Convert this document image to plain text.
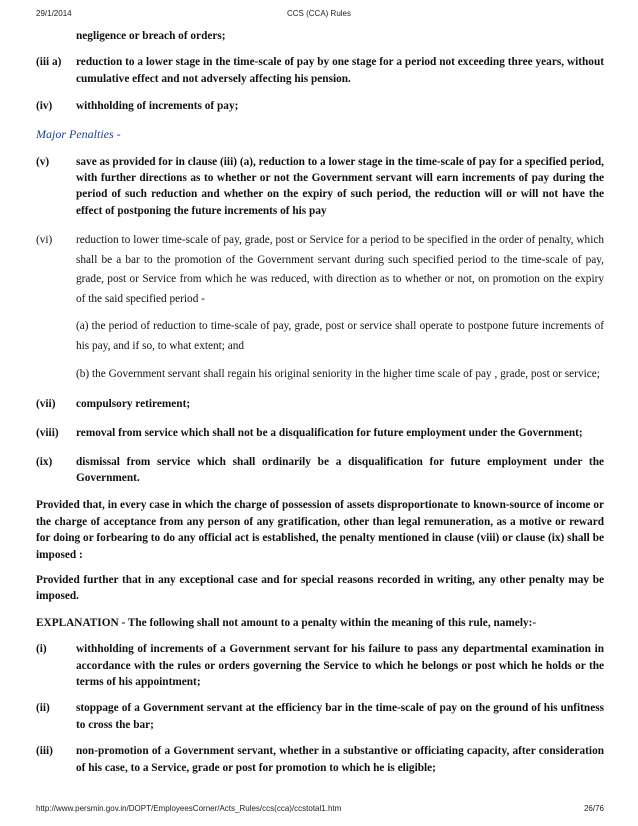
29/1/2014	CCS (CCA) Rules
negligence or breach of orders;
(iii a)	reduction to a lower stage in the time-scale of pay by one stage for a period not exceeding three years, without cumulative effect and not adversely affecting his pension.
(iv)	withholding of increments of pay;
Major Penalties -
(v)	save as provided for in clause (iii) (a), reduction to a lower stage in the time-scale of pay for a specified period, with further directions as to whether or not the Government servant will earn increments of pay during the period of such reduction and whether on the expiry of such period, the reduction will or will not have the effect of postponing the future increments of his pay
(vi)	reduction to lower time-scale of pay, grade, post or Service for a period to be specified in the order of penalty, which shall be a bar to the promotion of the Government servant during such specified period to the time-scale of pay, grade, post or Service from which he was reduced, with direction as to whether or not, on promotion on the expiry of the said specified period -
(a) the period of reduction to time-scale of pay, grade, post or service shall operate to postpone future increments of his pay, and if so, to what extent; and
(b) the Government servant shall regain his original seniority in the higher time scale of pay , grade, post or service;
(vii)	compulsory retirement;
(viii)	removal from service which shall not be a disqualification for future employment under the Government;
(ix)	dismissal from service which shall ordinarily be a disqualification for future employment under the Government.
Provided that, in every case in which the charge of possession of assets disproportionate to known-source of income or the charge of acceptance from any person of any gratification, other than legal remuneration, as a motive or reward for doing or forbearing to do any official act is established, the penalty mentioned in clause (viii) or clause (ix) shall be imposed :
Provided further that in any exceptional case and for special reasons recorded in writing, any other penalty may be imposed.
EXPLANATION - The following shall not amount to a penalty within the meaning of this rule, namely:-
(i)	withholding of increments of a Government servant for his failure to pass any departmental examination in accordance with the rules or orders governing the Service to which he belongs or post which he holds or the terms of his appointment;
(ii)	stoppage of a Government servant at the efficiency bar in the time-scale of pay on the ground of his unfitness to cross the bar;
(iii)	non-promotion of a Government servant, whether in a substantive or officiating capacity, after consideration of his case, to a Service, grade or post for promotion to which he is eligible;
http://www.persmin.gov.in/DOPT/EmployeesCorner/Acts_Rules/ccs(cca)/ccstotal1.htm	26/76
